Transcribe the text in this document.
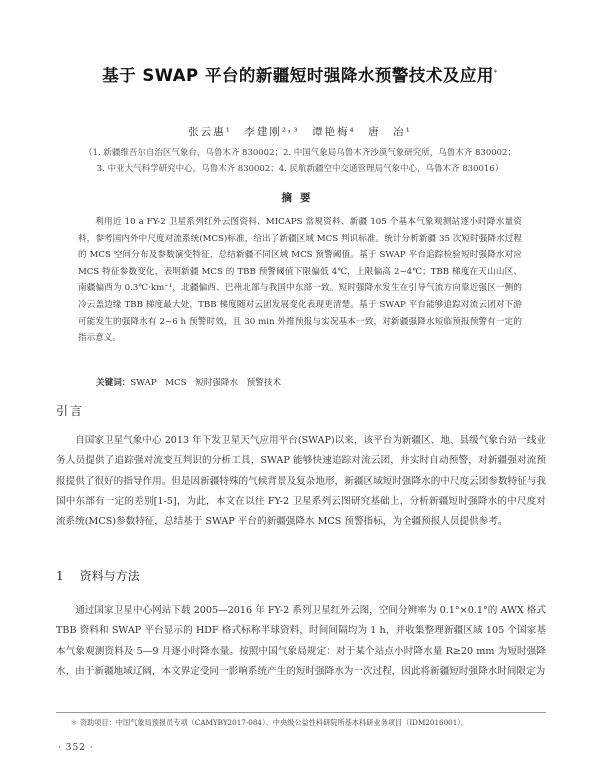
基于 SWAP 平台的新疆短时强降水预警技术及应用*
张云惠¹　李建刚²˒³　谭艳梅⁴　唐　冶¹
（1. 新疆维吾尔自治区气象台，乌鲁木齐 830002；2. 中国气象局乌鲁木齐沙漠气象研究所，乌鲁木齐 830002；
3. 中亚大气科学研究中心，乌鲁木齐 830002；4. 民航新疆空中交通管理局气象中心，乌鲁木齐 830016）
摘要
利用近 10 a FY-2 卫星系列红外云图资料、MICAPS 常规资料、新疆 105 个基本气象观测站逐小时降水量资料，参考国内外中尺度对流系统(MCS)标准，给出了新疆区域 MCS 判识标准。统计分析新疆 35 次短时强降水过程的 MCS 空间分布及参数演变特征，总结新疆不同区域 MCS 预警阈值。基于 SWAP 平台追踪检验短时强降水对应 MCS 特征参数变化，表明新疆 MCS 的 TBB 预警阈值下限偏低 4℃，上限偏高 2~4℃；TBB 梯度在天山山区、南疆偏西为 0.3℃·km⁻¹，北疆偏西、巴州北部与我国中东部一致。短时强降水发生在引导气流方向靠近强区一侧的冷云盖边缘 TBB 梯度最大处，TBB 梯度随对云团发展变化表现更清楚。基于 SWAP 平台能够追踪对流云团对下游可能发生的强降水有 2~6 h 预警时效，且 30 min 外推预报与实况基本一致，对新疆强降水短临预报预警有一定的指示意义。
关键词：SWAP　MCS　短时强降水　预警技术
引言
自国家卫星气象中心 2013 年下发卫星天气应用平台(SWAP)以来，该平台为新疆区、地、县级气象台站一线业务人员提供了追踪强对流变互判识的分析工具，SWAP 能够快速追踪对流云团，并实时自动预警，对新疆强对流预报提供了很好的指导作用。但是因新疆特殊的气候背景及复杂地形，新疆区域短时强降水的中尺度云团参数特征与我国中东部有一定的差别[1-5]，为此，本文在以往 FY-2 卫星系列云图研究基础上，分析新疆短时强降水的中尺度对流系统(MCS)参数特征，总结基于 SWAP 平台的新疆强降水 MCS 预警指标，为全疆预报人员提供参考。
1 资料与方法
通过国家卫星中心网站下载 2005—2016 年 FY-2 系列卫星红外云图，空间分辨率为 0.1°×0.1°的 AWX 格式 TBB 资料和 SWAP 平台显示的 HDF 格式标称半球资料，时间间隔均为 1 h，并收集整理新疆区域 105 个国家基本气象观测资料及 5—9 月逐小时降水量。按照中国气象局规定：对于某个站点小时降水量 R≥20 mm 为短时强降水，由于新疆地域辽阔，本文界定受同一影响系统产生的短时强降水为一次过程，因此将新疆短时强降水时间限定为
＊ 资助项目：中国气象局预报员专项（CAMYBY2017-084）、中央级公益性科研院所基本科研业务项目（IDM2016001）。
· 352 ·
